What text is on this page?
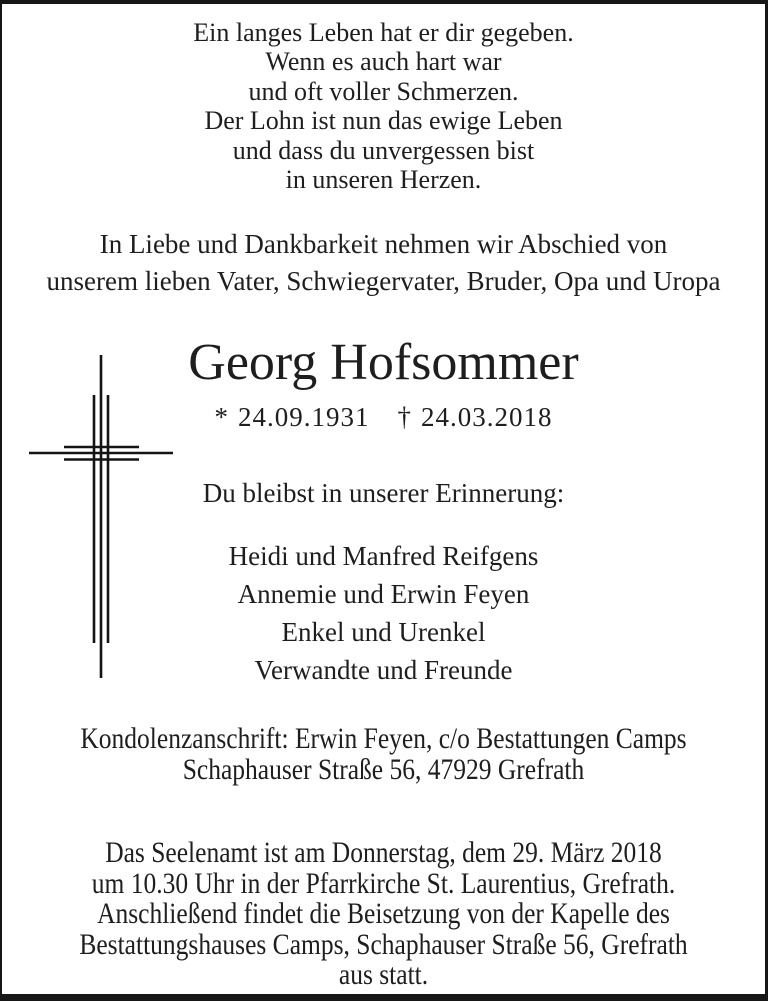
Ein langes Leben hat er dir gegeben.
Wenn es auch hart war
und oft voller Schmerzen.
Der Lohn ist nun das ewige Leben
und dass du unvergessen bist
in unseren Herzen.
In Liebe und Dankbarkeit nehmen wir Abschied von
unserem lieben Vater, Schwiegervater, Bruder, Opa und Uropa
Georg Hofsommer
* 24.09.1931 † 24.03.2018
Du bleibst in unserer Erinnerung:
Heidi und Manfred Reifgens
Annemie und Erwin Feyen
Enkel und Urenkel
Verwandte und Freunde
Kondolenzanschrift: Erwin Feyen, c/o Bestattungen Camps
Schaphauser Straße 56, 47929 Grefrath
Das Seelenamt ist am Donnerstag, dem 29. März 2018
um 10.30 Uhr in der Pfarrkirche St. Laurentius, Grefrath.
Anschließend findet die Beisetzung von der Kapelle des
Bestattungshauses Camps, Schaphauser Straße 56, Grefrath
aus statt.
